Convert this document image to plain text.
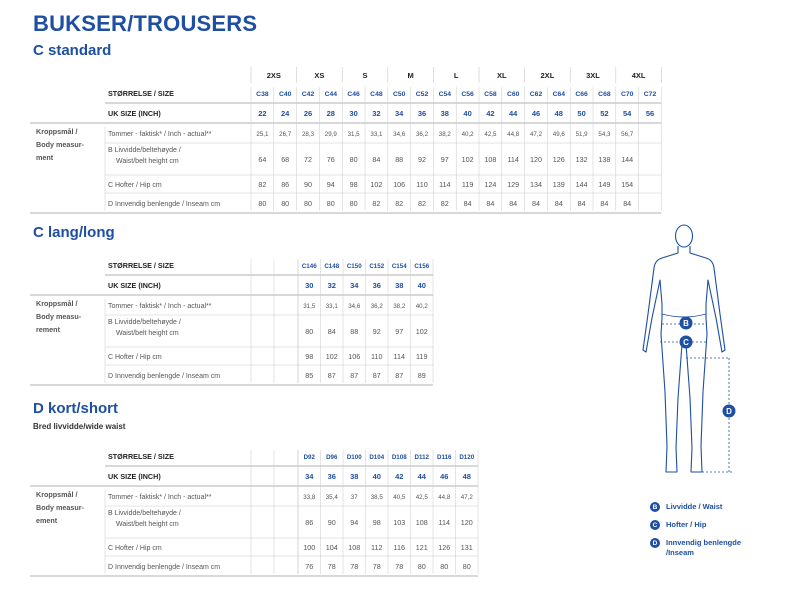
BUKSER/TROUSERS
C standard
2XS	XS	S	M	L	XL	2XL	3XL	4XL
STØRRELSE / SIZE	C38 C40 C42 C44 C46 C48 C50 C52 C54 C56 C58 C60 C62 C64 C66 C68 C70 C72
UK SIZE (INCH)	22 24 26 28 30 32 34 36 38 40 42 44 46 48 50 52 54 56
Kroppsmål /
Body measur-
ment
Tommer - faktisk* / Inch - actual**	25,1 26,7 28,3 29,9 31,5 33,1 34,6 36,2 38,2 40,2 42,5 44,8 47,2 49,6 51,9 54,3 56,7
B Livvidde/beltehøyde /
Waist/belt height cm	64 68 72 76 80 84 88 92 97 102 108 114 120 126 132 138 144
C Hofter / Hip cm	82 86 90 94 98 102 106 110 114 119 124 129 134 139 144 149 154
D Innvendig benlengde / Inseam cm	80 80 80 80 80 82 82 82 82 84 84 84 84 84 84 84 84
C lang/long
STØRRELSE / SIZE	C146 C148 C150 C152 C154 C156
UK SIZE (INCH)	30 32 34 36 38 40
Kroppsmål /
Body measu-
rement
Tommer - faktisk* / Inch - actual**	31,5 33,1 34,6 36,2 38,2 40,2
B Livvidde/beltehøyde /
Waist/belt height cm	80 84 88 92 97 102
C Hofter / Hip cm	98 102 106 110 114 119
D Innvendig benlengde / Inseam cm	85 87 87 87 87 89
D kort/short
Bred livvidde/wide waist
STØRRELSE / SIZE	D92 D96 D100 D104 D108 D112 D116 D120
UK SIZE (INCH)	34 36 38 40 42 44 46 48
Kroppsmål /
Body measur-
ement
Tommer - faktisk* / Inch - actual**	33,8 35,4 37 38,5 40,5 42,5 44,8 47,2
B Livvidde/beltehøyde /
Waist/belt height cm	86 90 94 98 103 108 114 120
C Hofter / Hip cm	100 104 108 112 116 121 126 131
D Innvendig benlengde / Inseam cm	76 78 78 78 78 80 80 80
B
C
D
B	Livvidde / Waist
C	Hofter / Hip
D	Innvendig benlengde
/Inseam
